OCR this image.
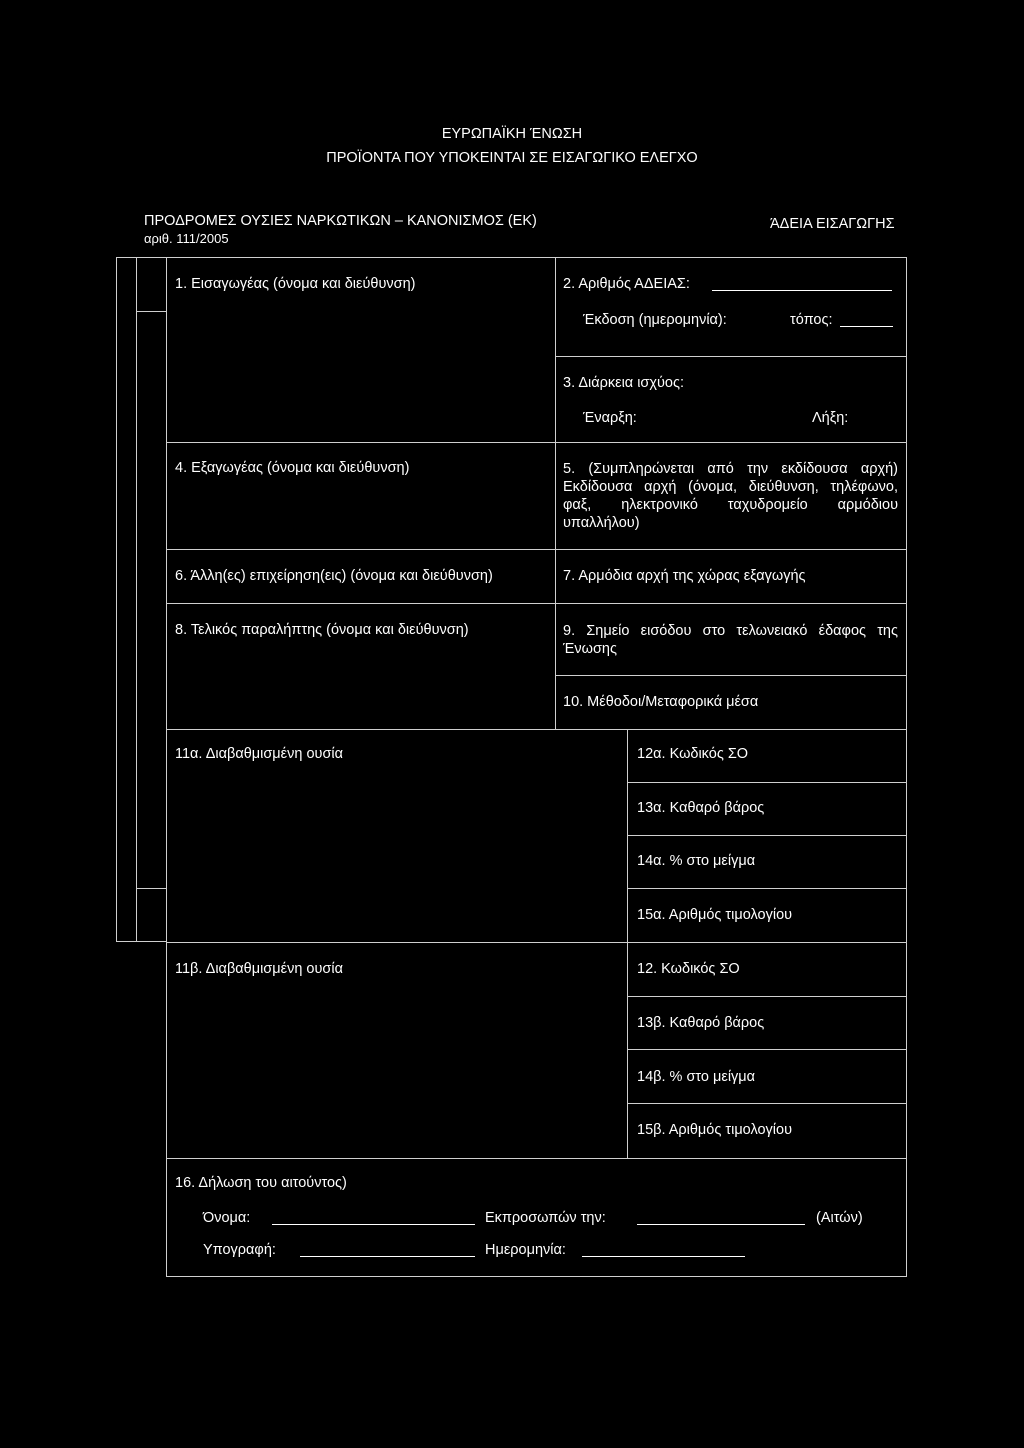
ΕΥΡΩΠΑΪΚΗ ΈΝΩΣΗ
ΠΡΟΪΟΝΤΑ ΠΟΥ ΥΠΟΚΕΙΝΤΑΙ ΣΕ ΕΙΣΑΓΩΓΙΚΟ ΕΛΕΓΧΟ
ΠΡΟΔΡΟΜΕΣ ΟΥΣΙΕΣ ΝΑΡΚΩΤΙΚΩΝ – ΚΑΝΟΝΙΣΜΟΣ (ΕΚ)
αριθ. 111/2005
ΆΔΕΙΑ ΕΙΣΑΓΩΓΗΣ
1. Εισαγωγέας (όνομα και διεύθυνση)	2. Αριθμός ΑΔΕΙΑΣ:
Έκδοση (ημερομηνία):	τόπος:
3. Διάρκεια ισχύος:
Έναρξη:	Λήξη:
4. Εξαγωγέας (όνομα και διεύθυνση)	5. (Συμπληρώνεται από την εκδίδουσα αρχή) Εκδίδουσα αρχή (όνομα, διεύθυνση, τηλέφωνο, φαξ, ηλεκτρονικό ταχυδρομείο αρμόδιου υπαλλήλου)
6. Άλλη(ες) επιχείρηση(εις) (όνομα και διεύθυνση)	7. Αρμόδια αρχή της χώρας εξαγωγής
8. Τελικός παραλήπτης (όνομα και διεύθυνση)	9. Σημείο εισόδου στο τελωνειακό έδαφος της Ένωσης
10. Μέθοδοι/Μεταφορικά μέσα
11α. Διαβαθμισμένη ουσία	12α. Κωδικός ΣΟ
13α. Καθαρό βάρος
14α. % στο μείγμα
15α. Αριθμός τιμολογίου
11β. Διαβαθμισμένη ουσία	12. Κωδικός ΣΟ
13β. Καθαρό βάρος
14β. % στο μείγμα
15β. Αριθμός τιμολογίου
16. Δήλωση του αιτούντος)
Όνομα:	Εκπροσωπών την:	(Αιτών)
Υπογραφή:	Ημερομηνία:
